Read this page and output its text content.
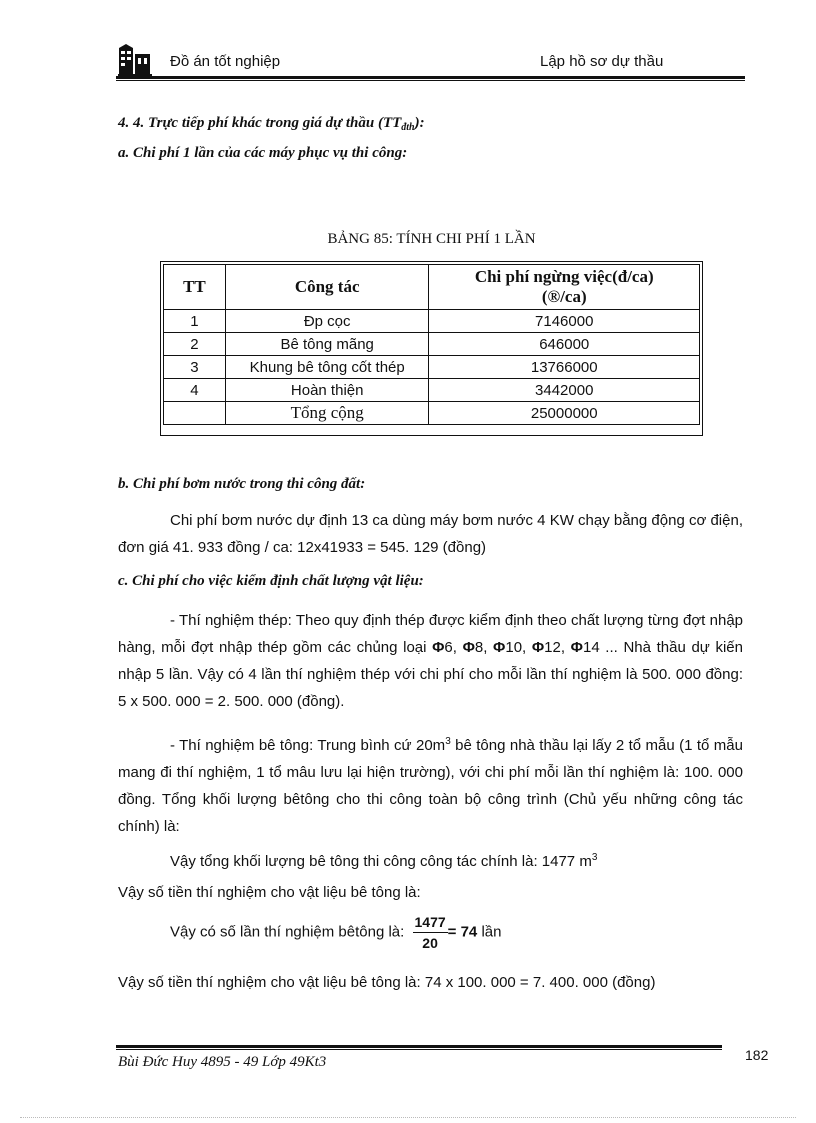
Đồ án tốt nghiệp	Lập hồ sơ dự thầu
4. 4. Trực tiếp phí khác trong giá dự thầu $(TT_{đth})$:
a. Chi phí 1 lần của các máy phục vụ thi công:
BẢNG 85: TÍNH CHI PHÍ 1 LẦN
TT	Công tác	Chi phí ngừng việc(đ/ca)
(®/ca)

1	Đp cọc	7146000
2	Bê tông mãng	646000
3	Khung bê tông cốt thép	13766000
4	Hoàn thiện	3442000
	Tổng cộng	25000000
b. Chi phí bơm nước trong thi công đất:
Chi phí bơm nước dự định 13 ca dùng máy bơm nước 4 KW chạy bằng động cơ điện, đơn giá 41. 933 đồng / ca: 12x41933 = 545. 129 (đồng)
c. Chi phí cho việc kiểm định chất lượng vật liệu:
- Thí nghiệm thép: Theo quy định thép được kiểm định theo chất lượng từng đợt nhập hàng, mỗi đợt nhập thép gồm các chủng loại Φ6, Φ8, Φ10, Φ12, Φ14 ... Nhà thầu dự kiến nhập 5 lần. Vậy có 4 lần thí nghiệm thép với chi phí cho mỗi lần thí nghiệm là 500. 000 đồng: 5 x 500. 000 = 2. 500. 000 (đồng).
- Thí nghiệm bê tông: Trung bình cứ $20m^3$ bê tông nhà thầu lại lấy 2 tổ mẫu (1 tổ mẫu mang đi thí nghiệm, 1 tổ mâu lưu lại hiện trường), với chi phí mỗi lần thí nghiệm là: 100. 000 đồng. Tổng khối lượng bêtông cho thi công toàn bộ công trình (Chủ yếu những công tác chính) là:
Vậy tổng khối lượng bê tông thi công công tác chính là: 1477 $m^3$
Vậy số tiền thí nghiệm cho vật liệu bê tông là:
Vậy có số lần thí nghiệm bêtông là: $\frac{1477}{20} = 74$ lần
Vậy số tiền thí nghiệm cho vật liệu bê tông là: 74 x 100. 000 = 7. 400. 000 (đồng)
Bùi Đức Huy 4895 - 49 Lớp 49Kt3	182
